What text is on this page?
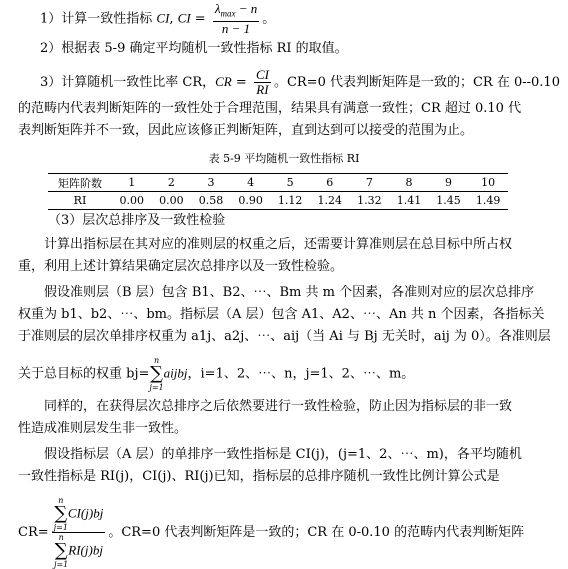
1）计算一致性指标 CI, CI = $\frac{\lambda_{max} - n}{n - 1}$ 。
2）根据表 5-9 确定平均随机一致性指标 RI 的取值。
3）计算随机一致性比率 CR，CR = $\frac{CI}{RI}$ 。CR=0 代表判断矩阵是一致的；CR 在 0--0.10
的范畴内代表判断矩阵的一致性处于合理范围，结果具有满意一致性；CR 超过 0.10 代
表判断矩阵并不一致，因此应该修正判断矩阵，直到达到可以接受的范围为止。
表 5-9 平均随机一致性指标 RI
矩阵阶数	1	2	3	4	5	6	7	8	9	10
RI	0.00	0.00	0.58	0.90	1.12	1.24	1.32	1.41	1.45	1.49
（3）层次总排序及一致性检验
计算出指标层在其对应的准则层的权重之后，还需要计算准则层在总目标中所占权
重，利用上述计算结果确定层次总排序以及一致性检验。
假设准则层（B 层）包含 B1、B2、⋯、Bm 共 m 个因素，各准则对应的层次总排序
权重为 b1、b2、⋯、bm。指标层（A 层）包含 A1、A2、⋯、An 共 n 个因素，各指标关
于准则层的层次单排序权重为 a1j、a2j、⋯、aij（当 Ai 与 Bj 无关时，aij 为 0）。各准则层
关于总目标的权重 bj=
n
∑
j=1
aijbj，i=1、2、⋯、n，j=1、2、⋯、m。
同样的，在获得层次总排序之后依然要进行一致性检验，防止因为指标层的非一致
性造成准则层发生非一致性。
假设指标层（A 层）的单排序一致性指标是 CI(j)，(j=1、2、⋯、m)，各平均随机
一致性指标是 RI(j)，CI(j)、RI(j)已知，指标层的总排序随机一致性比例计算公式是
CR= n
∑
j=1
CI(j)bj
n
∑
j=1
RI(j)bj 。CR=0 代表判断矩阵是一致的；CR 在 0-0.10 的范畴内代表判断矩阵
